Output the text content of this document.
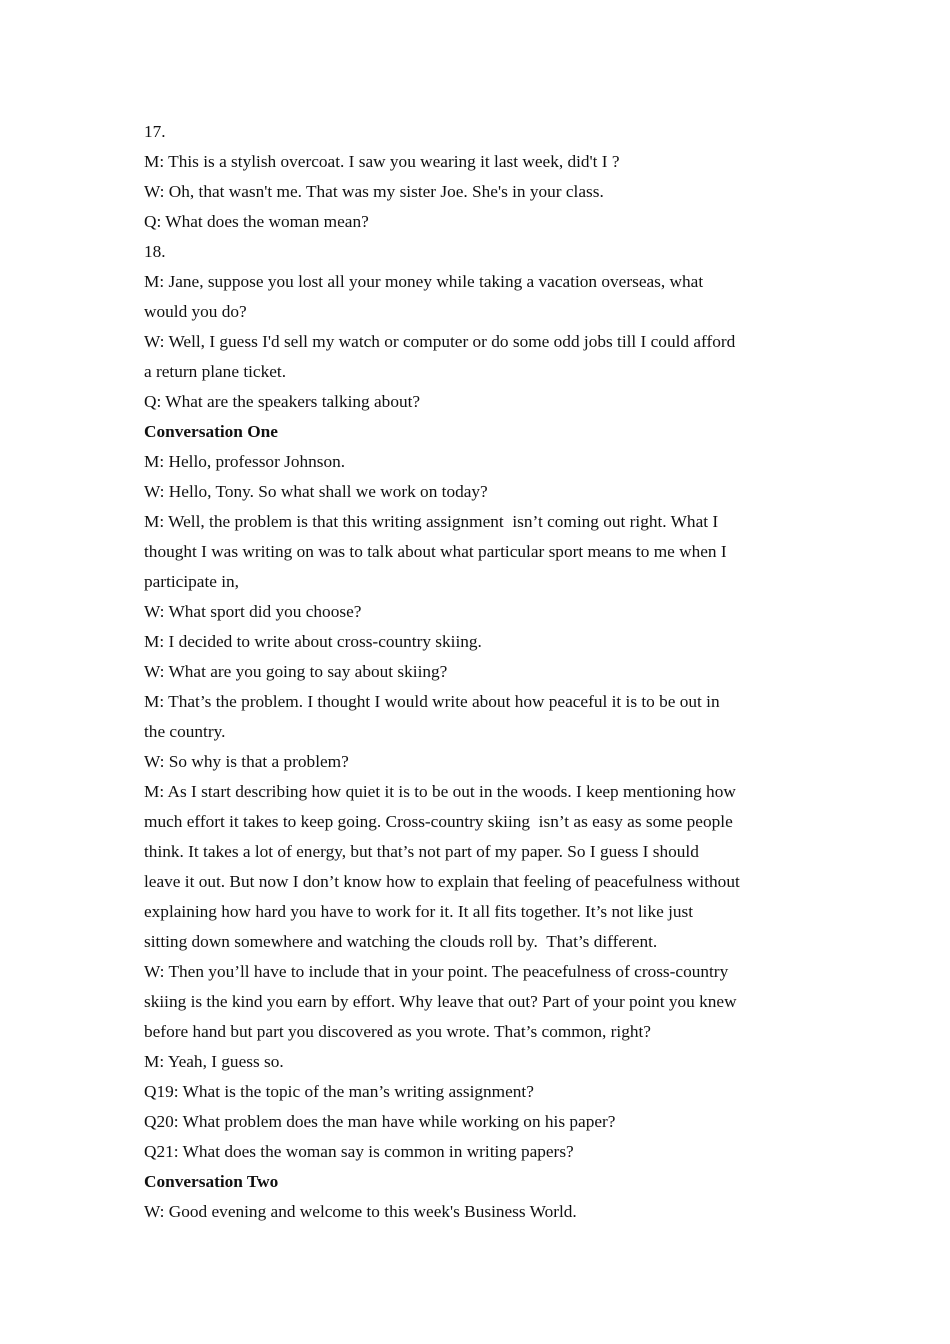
17.
M: This is a stylish overcoat. I saw you wearing it last week, did't I ?
W: Oh, that wasn't me. That was my sister Joe. She's in your class.
Q: What does the woman mean?
18.
M: Jane, suppose you lost all your money while taking a vacation overseas, what
would you do?
W: Well, I guess I'd sell my watch or computer or do some odd jobs till I could afford
a return plane ticket.
Q: What are the speakers talking about?
Conversation One
M: Hello, professor Johnson.
W: Hello, Tony. So what shall we work on today?
M: Well, the problem is that this writing assignment  isn’t coming out right. What I
thought I was writing on was to talk about what particular sport means to me when I
participate in,
W: What sport did you choose?
M: I decided to write about cross-country skiing.
W: What are you going to say about skiing?
M: That’s the problem. I thought I would write about how peaceful it is to be out in
the country.
W: So why is that a problem?
M: As I start describing how quiet it is to be out in the woods. I keep mentioning how
much effort it takes to keep going. Cross-country skiing  isn’t as easy as some people
think. It takes a lot of energy, but that’s not part of my paper. So I guess I should
leave it out. But now I don’t know how to explain that feeling of peacefulness without
explaining how hard you have to work for it. It all fits together. It’s not like just
sitting down somewhere and watching the clouds roll by.  That’s different.
W: Then you’ll have to include that in your point. The peacefulness of cross-country
skiing is the kind you earn by effort. Why leave that out? Part of your point you knew
before hand but part you discovered as you wrote. That’s common, right?
M: Yeah, I guess so.
Q19: What is the topic of the man’s writing assignment?
Q20: What problem does the man have while working on his paper?
Q21: What does the woman say is common in writing papers?
Conversation Two
W: Good evening and welcome to this week's Business World.
